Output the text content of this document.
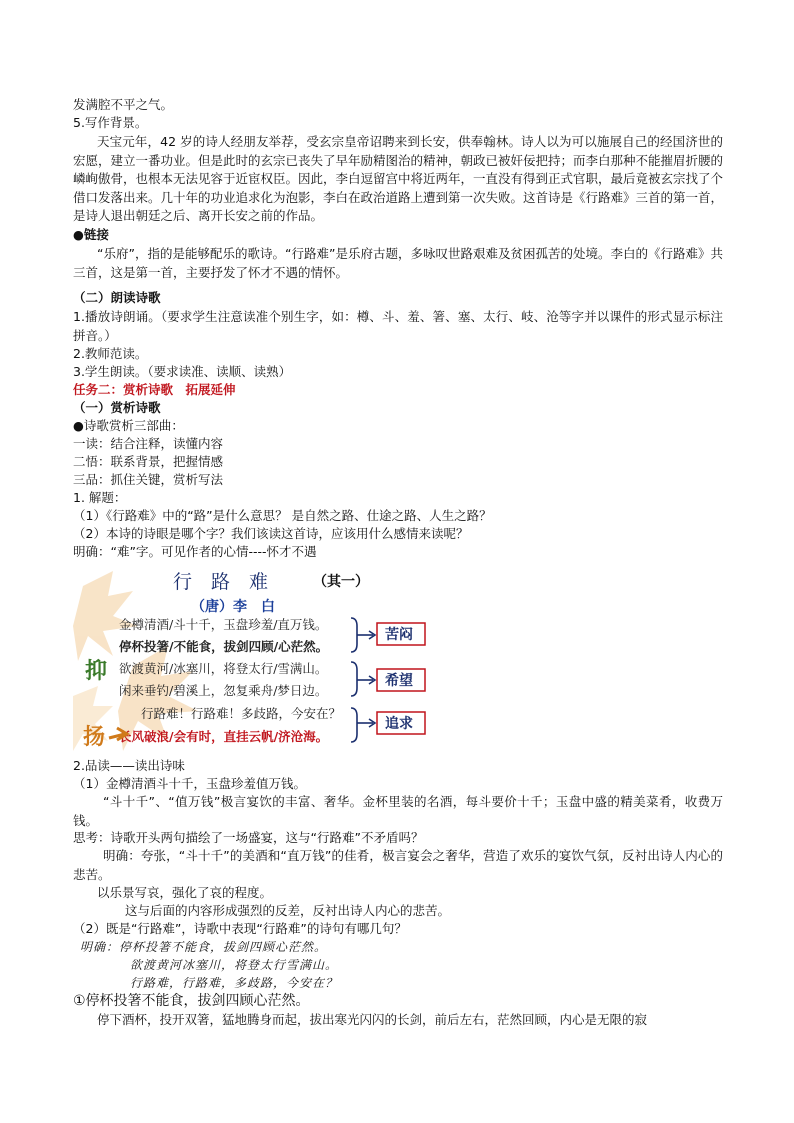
发满腔不平之气。
5.写作背景。
天宝元年，42 岁的诗人经朋友举荐，受玄宗皇帝诏聘来到长安，供奉翰林。诗人以为可以施展自己的经国济世的宏愿，建立一番功业。但是此时的玄宗已丧失了早年励精图治的精神，朝政已被奸佞把持；而李白那种不能摧眉折腰的嶙峋傲骨，也根本无法见容于近宦权臣。因此，李白逗留宫中将近两年，一直没有得到正式官职，最后竟被玄宗找了个借口发落出来。几十年的功业追求化为泡影，李白在政治道路上遭到第一次失败。这首诗是《行路难》三首的第一首，是诗人退出朝廷之后、离开长安之前的作品。
●链接
“乐府”，指的是能够配乐的歌诗。“行路难”是乐府古题，多咏叹世路艰难及贫困孤苦的处境。李白的《行路难》共三首，这是第一首，主要抒发了怀才不遇的情怀。
（二）朗读诗歌
1.播放诗朗诵。（要求学生注意读准个别生字，如：樽、斗、羞、箸、塞、太行、岐、沧等字并以课件的形式显示标注拼音。）
2.教师范读。
3.学生朗读。（要求读准、读顺、读熟）
任务二：赏析诗歌　拓展延伸
（一）赏析诗歌
●诗歌赏析三部曲：
一读：结合注释，读懂内容
二悟：联系背景，把握情感
三品：抓住关键，赏析写法
1. 解题：
（1）《行路难》中的“路”是什么意思？ 是自然之路、仕途之路、人生之路？
（2）本诗的诗眼是哪个字？我们该读这首诗，应该用什么感情来读呢？
明确：“难”字。可见作者的心情----怀才不遇
行　路　难	（其一）
（唐）李　白
金樽清酒/斗十千，玉盘珍羞/直万钱。
停杯投箸/不能食，拔剑四顾/心茫然。
欲渡黄河/冰塞川，将登太行/雪满山。
闲来垂钓/碧溪上，忽复乘舟/梦日边。
行路难！行路难！多歧路，今安在？
长风破浪/会有时，直挂云帆/济沧海。
抑
扬
苦闷
希望
追求
2.品读——读出诗味
（1）金樽清酒斗十千，玉盘珍羞值万钱。
“斗十千”、“值万钱”极言宴饮的丰富、奢华。金杯里装的名酒，每斗要价十千；玉盘中盛的精美菜肴，收费万钱。
思考：诗歌开头两句描绘了一场盛宴，这与“行路难”不矛盾吗？
明确：夸张，“斗十千”的美酒和“直万钱”的佳肴，极言宴会之奢华，营造了欢乐的宴饮气氛，反衬出诗人内心的悲苦。
以乐景写哀，强化了哀的程度。
这与后面的内容形成强烈的反差，反衬出诗人内心的悲苦。
（2）既是“行路难”，诗歌中表现“行路难”的诗句有哪几句？
明确：停杯投箸不能食，拔剑四顾心茫然。
欲渡黄河冰塞川，将登太行雪满山。
行路难，行路难，多歧路，今安在？
①停杯投箸不能食，拔剑四顾心茫然。
停下酒杯，投开双箸，猛地腾身而起，拔出寒光闪闪的长剑，前后左右，茫然回顾，内心是无限的寂
